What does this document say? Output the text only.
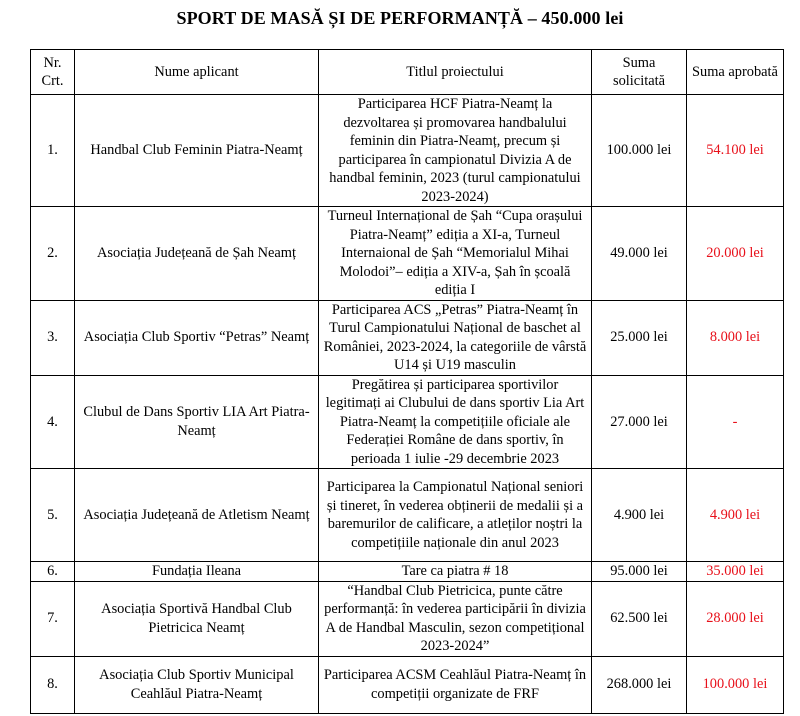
SPORT DE MASĂ ȘI DE PERFORMANȚĂ – 450.000 lei
Nr. Crt.	Nume aplicant	Titlul proiectului	Suma solicitată	Suma aprobată
1.	Handbal Club Feminin Piatra-Neamț	Participarea HCF Piatra-Neamț la dezvoltarea și promovarea handbalului feminin din Piatra-Neamț, precum și participarea în campionatul Divizia A de handbal feminin, 2023 (turul campionatului 2023-2024)	100.000 lei	54.100 lei
2.	Asociația Județeană de Șah Neamț	Turneul Internațional de Șah “Cupa orașului Piatra-Neamț” ediția a XI-a, Turneul Internaional de Șah “Memorialul Mihai Molodoi”– ediția a XIV-a, Șah în școală ediția I	49.000 lei	20.000 lei
3.	Asociația Club Sportiv “Petras” Neamț	Participarea ACS „Petras” Piatra-Neamț în Turul Campionatului Național de baschet al României, 2023-2024, la categoriile de vârstă U14 și U19 masculin	25.000 lei	8.000 lei
4.	Clubul de Dans Sportiv LIA Art Piatra-Neamț	Pregătirea și participarea sportivilor legitimați ai Clubului de dans sportiv Lia Art Piatra-Neamț la competițiile oficiale ale Federației Române de dans sportiv, în perioada 1 iulie -29 decembrie 2023	27.000 lei	-
5.	Asociația Județeană de Atletism Neamț	Participarea la Campionatul Național seniori și tineret, în vederea obținerii de medalii și a baremurilor de calificare, a atleților noștri la competițiile naționale din anul 2023	4.900 lei	4.900 lei
6.	Fundația Ileana	Tare ca piatra # 18	95.000 lei	35.000 lei
7.	Asociația Sportivă Handbal Club Pietricica Neamț	“Handbal Club Pietricica, punte către performanță: în vederea participării în divizia A de Handbal Masculin, sezon competițional 2023-2024”	62.500 lei	28.000 lei
8.	Asociația Club Sportiv Municipal Ceahlăul Piatra-Neamț	Participarea ACSM Ceahlăul Piatra-Neamț în competiții organizate de FRF	268.000 lei	100.000 lei
